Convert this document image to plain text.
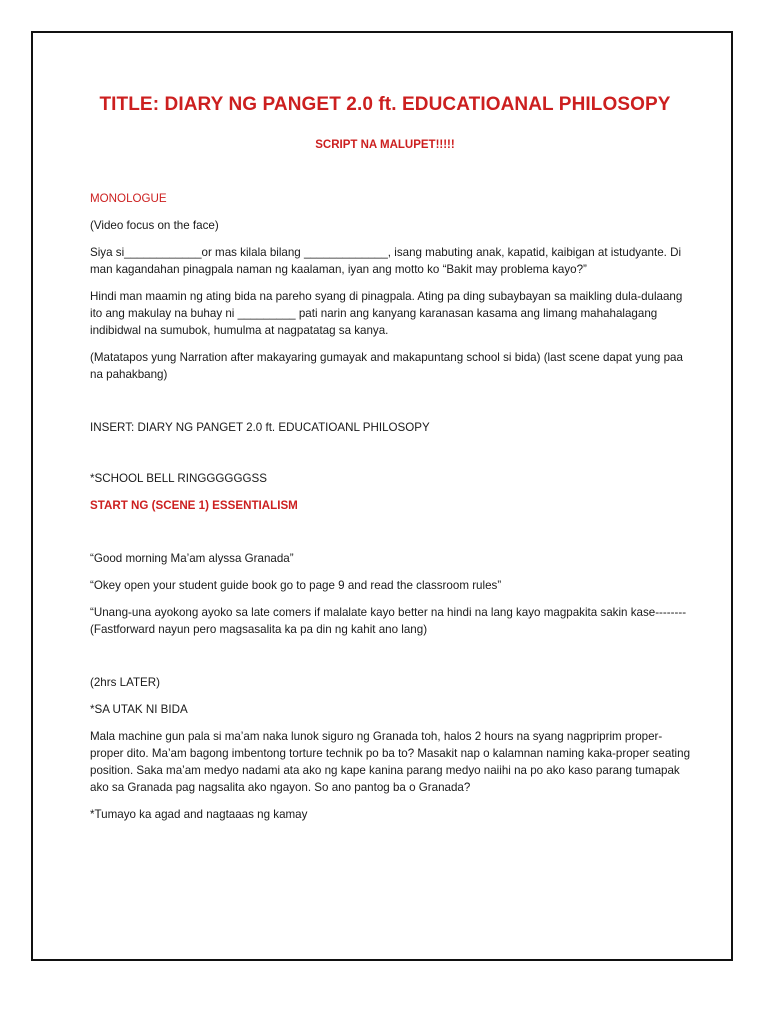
TITLE: DIARY NG PANGET 2.0 ft. EDUCATIOANAL PHILOSOPY
SCRIPT NA MALUPET!!!!!
MONOLOGUE

(Video focus on the face)

Siya si____________or mas kilala bilang _____________, isang mabuting anak, kapatid, kaibigan at istudyante. Di man kagandahan pinagpala naman ng kaalaman, iyan ang motto ko “Bakit may problema kayo?”

Hindi man maamin ng ating bida na pareho syang di pinagpala. Ating pa ding subaybayan sa maikling dula-dulaang ito ang makulay na buhay ni _________ pati narin ang kanyang karanasan kasama ang limang mahahalagang indibidwal na sumubok, humulma at nagpatatag sa kanya.

(Matatapos yung Narration after makayaring gumayak and makapuntang school si bida) (last scene dapat yung paa na pahakbang)

INSERT: DIARY NG PANGET 2.0 ft. EDUCATIOANL PHILOSOPY

*SCHOOL BELL RINGGGGGGSS

START NG (SCENE 1) ESSENTIALISM

“Good morning Ma’am alyssa Granada”

“Okey open your student guide book go to page 9 and read the classroom rules”

“Unang-una ayokong ayoko sa late comers if malalate kayo better na hindi na lang kayo magpakita sakin kase-------- (Fastforward nayun pero magsasalita ka pa din ng kahit ano lang)

(2hrs LATER)

*SA UTAK NI BIDA

Mala machine gun pala si ma’am naka lunok siguro ng Granada toh, halos 2 hours na syang nagpriprim proper-proper dito. Ma’am bagong imbentong torture technik po ba to? Masakit nap o kalamnan naming kaka-proper seating position. Saka ma’am medyo nadami ata ako ng kape kanina parang medyo naiihi na po ako kaso parang tumapak ako sa Granada pag nagsalita ako ngayon. So ano pantog ba o Granada?

*Tumayo ka agad and nagtaaas ng kamay
